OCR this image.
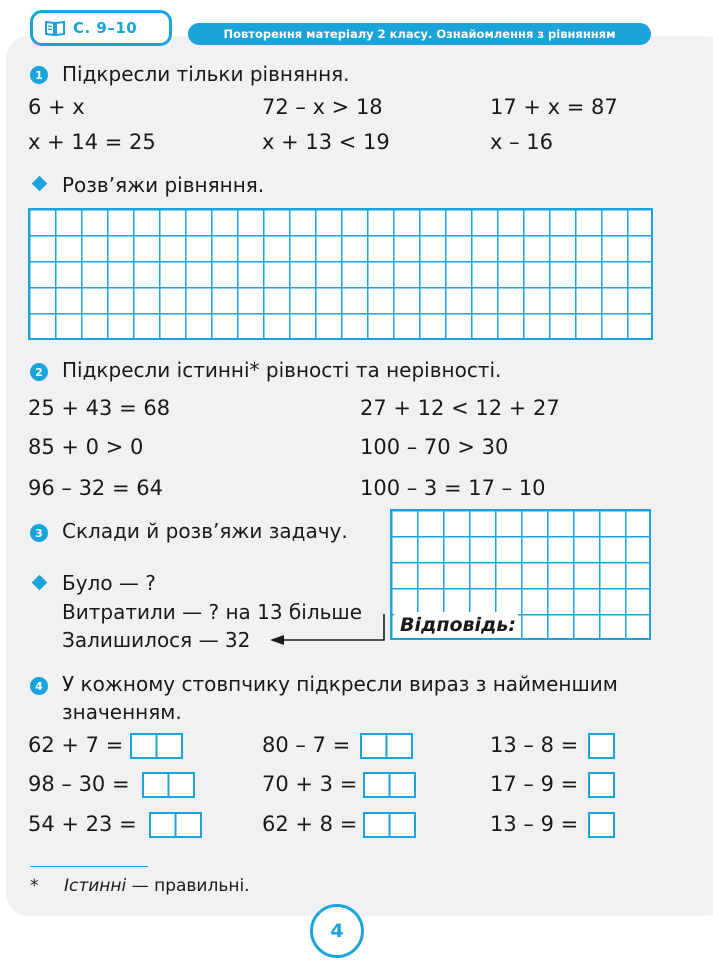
С. 9–10	Повторення матеріалу 2 класу. Ознайомлення з рівнянням
1 Підкресли тільки рівняння.
6 + x	72 – x > 18	17 + x = 87
x + 14 = 25	x + 13 < 19	x – 16
Розв’яжи рівняння.
2 Підкресли істинні* рівності та нерівності.
25 + 43 = 68	27 + 12 < 12 + 27
85 + 0 > 0	100 – 70 > 30
96 – 32 = 64	100 – 3 = 17 – 10
3 Склади й розв’яжи задачу.
Відповідь:
Було — ?
Витратили — ? на 13 більше
Залишилося — 32
4 У кожному стовпчику підкресли вираз з найменшим
значенням.
62 + 7 =	80 – 7 =	13 – 8 =
98 – 30 =	70 + 3 =	17 – 9 =
54 + 23 =	62 + 8 =	13 – 9 =
* Істинні — правильні.
4
